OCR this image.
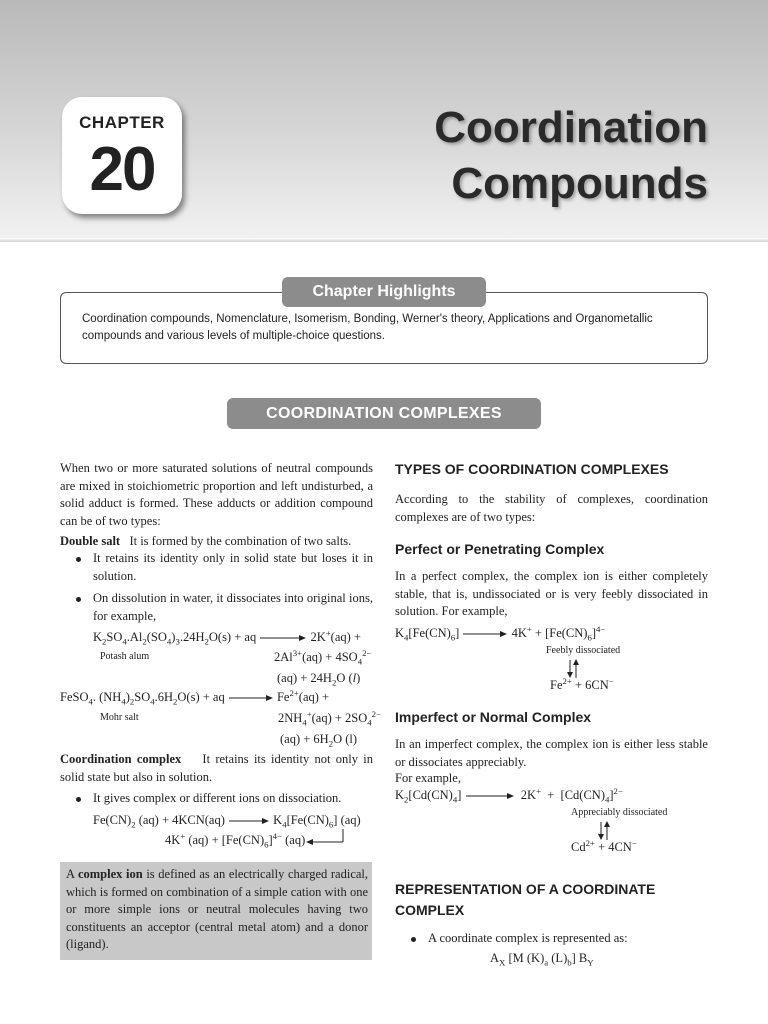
CHAPTER
20
Coordination
Compounds
Chapter Highlights
Coordination compounds, Nomenclature, Isomerism, Bonding, Werner's theory, Applications and Organometallic compounds and various levels of multiple-choice questions.
COORDINATION COMPLEXES
When two or more saturated solutions of neutral compounds are mixed in stoichiometric proportion and left undisturbed, a solid adduct is formed. These adducts or addition compound can be of two types:
Double salt It is formed by the combination of two salts.
It retains its identity only in solid state but loses it in solution.
On dissolution in water, it dissociates into original ions, for example,
$K_2SO_4.Al_2(SO_4)_3.24H_2O(s)$ + aq → 2K+(aq) +
Potash alum	$2Al^{3+}(aq) + 4SO_4^{2-}$
$(aq) + 24H_2O$ (l)
FeSO$_4$. $(NH_4)_2SO_4.6H_2O(s)$ + aq → $Fe^{2+}(aq)$ +
Mohr salt	$2NH_4^+(aq) + 2SO_4^{2-}$
$(aq) + 6H_2O$ (l)
Coordination complex It retains its identity not only in solid state but also in solution.
It gives complex or different ions on dissociation.
$Fe(CN)_2$ $(aq) + 4KCN(aq) \to K_4[Fe(CN)_6]$ (aq)
4K+ $(aq) + [Fe(CN)_6]^{4-}$ (aq)
A complex ion is defined as an electrically charged radical, which is formed on combination of a simple cation with one or more simple ions or neutral molecules having two constituents an acceptor (central metal atom) and a donor (ligand).
TYPES OF COORDINATION COMPLEXES
According to the stability of complexes, coordination complexes are of two types:
Perfect or Penetrating Complex
In a perfect complex, the complex ion is either completely stable, that is, undissociated or is very feebly dissociated in solution. For example,
$K_4[Fe(CN)_6] \to 4K^+ + [Fe(CN)_6]^{4-}$
Feebly dissociated
$Fe^{2+} + 6CN^-$
Imperfect or Normal Complex
In an imperfect complex, the complex ion is either less stable or dissociates appreciably.
For example,
$K_2[Cd(CN)_4] \to 2K^+ + [Cd(CN)_4]^{2-}$
Appreciably dissociated
$Cd^{2+} + 4CN^-$
REPRESENTATION OF A COORDINATE
COMPLEX
A coordinate complex is represented as:
$A_X$ [M $(K)_a$ $(L)_b$] $B_Y$
